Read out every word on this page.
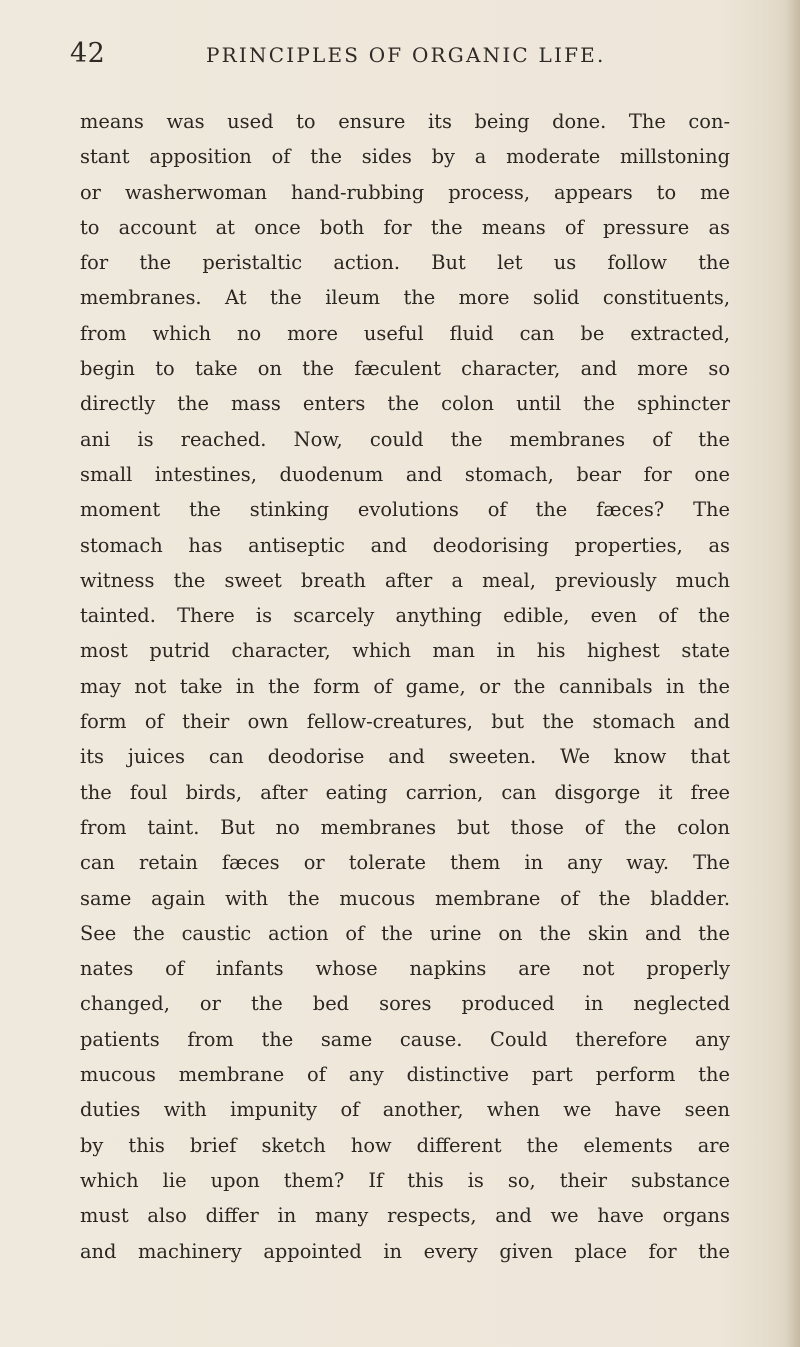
42	PRINCIPLES OF ORGANIC LIFE.
means was used to ensure its being done. The con-
stant apposition of the sides by a moderate millstoning
or washerwoman hand-rubbing process, appears to me
to account at once both for the means of pressure as
for the peristaltic action. But let us follow the
membranes. At the ileum the more solid constituents,
from which no more useful fluid can be extracted,
begin to take on the fæculent character, and more so
directly the mass enters the colon until the sphincter
ani is reached. Now, could the membranes of the
small intestines, duodenum and stomach, bear for one
moment the stinking evolutions of the fæces? The
stomach has antiseptic and deodorising properties, as
witness the sweet breath after a meal, previously much
tainted. There is scarcely anything edible, even of the
most putrid character, which man in his highest state
may not take in the form of game, or the cannibals in the
form of their own fellow-creatures, but the stomach and
its juices can deodorise and sweeten. We know that
the foul birds, after eating carrion, can disgorge it free
from taint. But no membranes but those of the colon
can retain fæces or tolerate them in any way. The
same again with the mucous membrane of the bladder.
See the caustic action of the urine on the skin and the
nates of infants whose napkins are not properly
changed, or the bed sores produced in neglected
patients from the same cause. Could therefore any
mucous membrane of any distinctive part perform the
duties with impunity of another, when we have seen
by this brief sketch how different the elements are
which lie upon them? If this is so, their substance
must also differ in many respects, and we have organs
and machinery appointed in every given place for the
